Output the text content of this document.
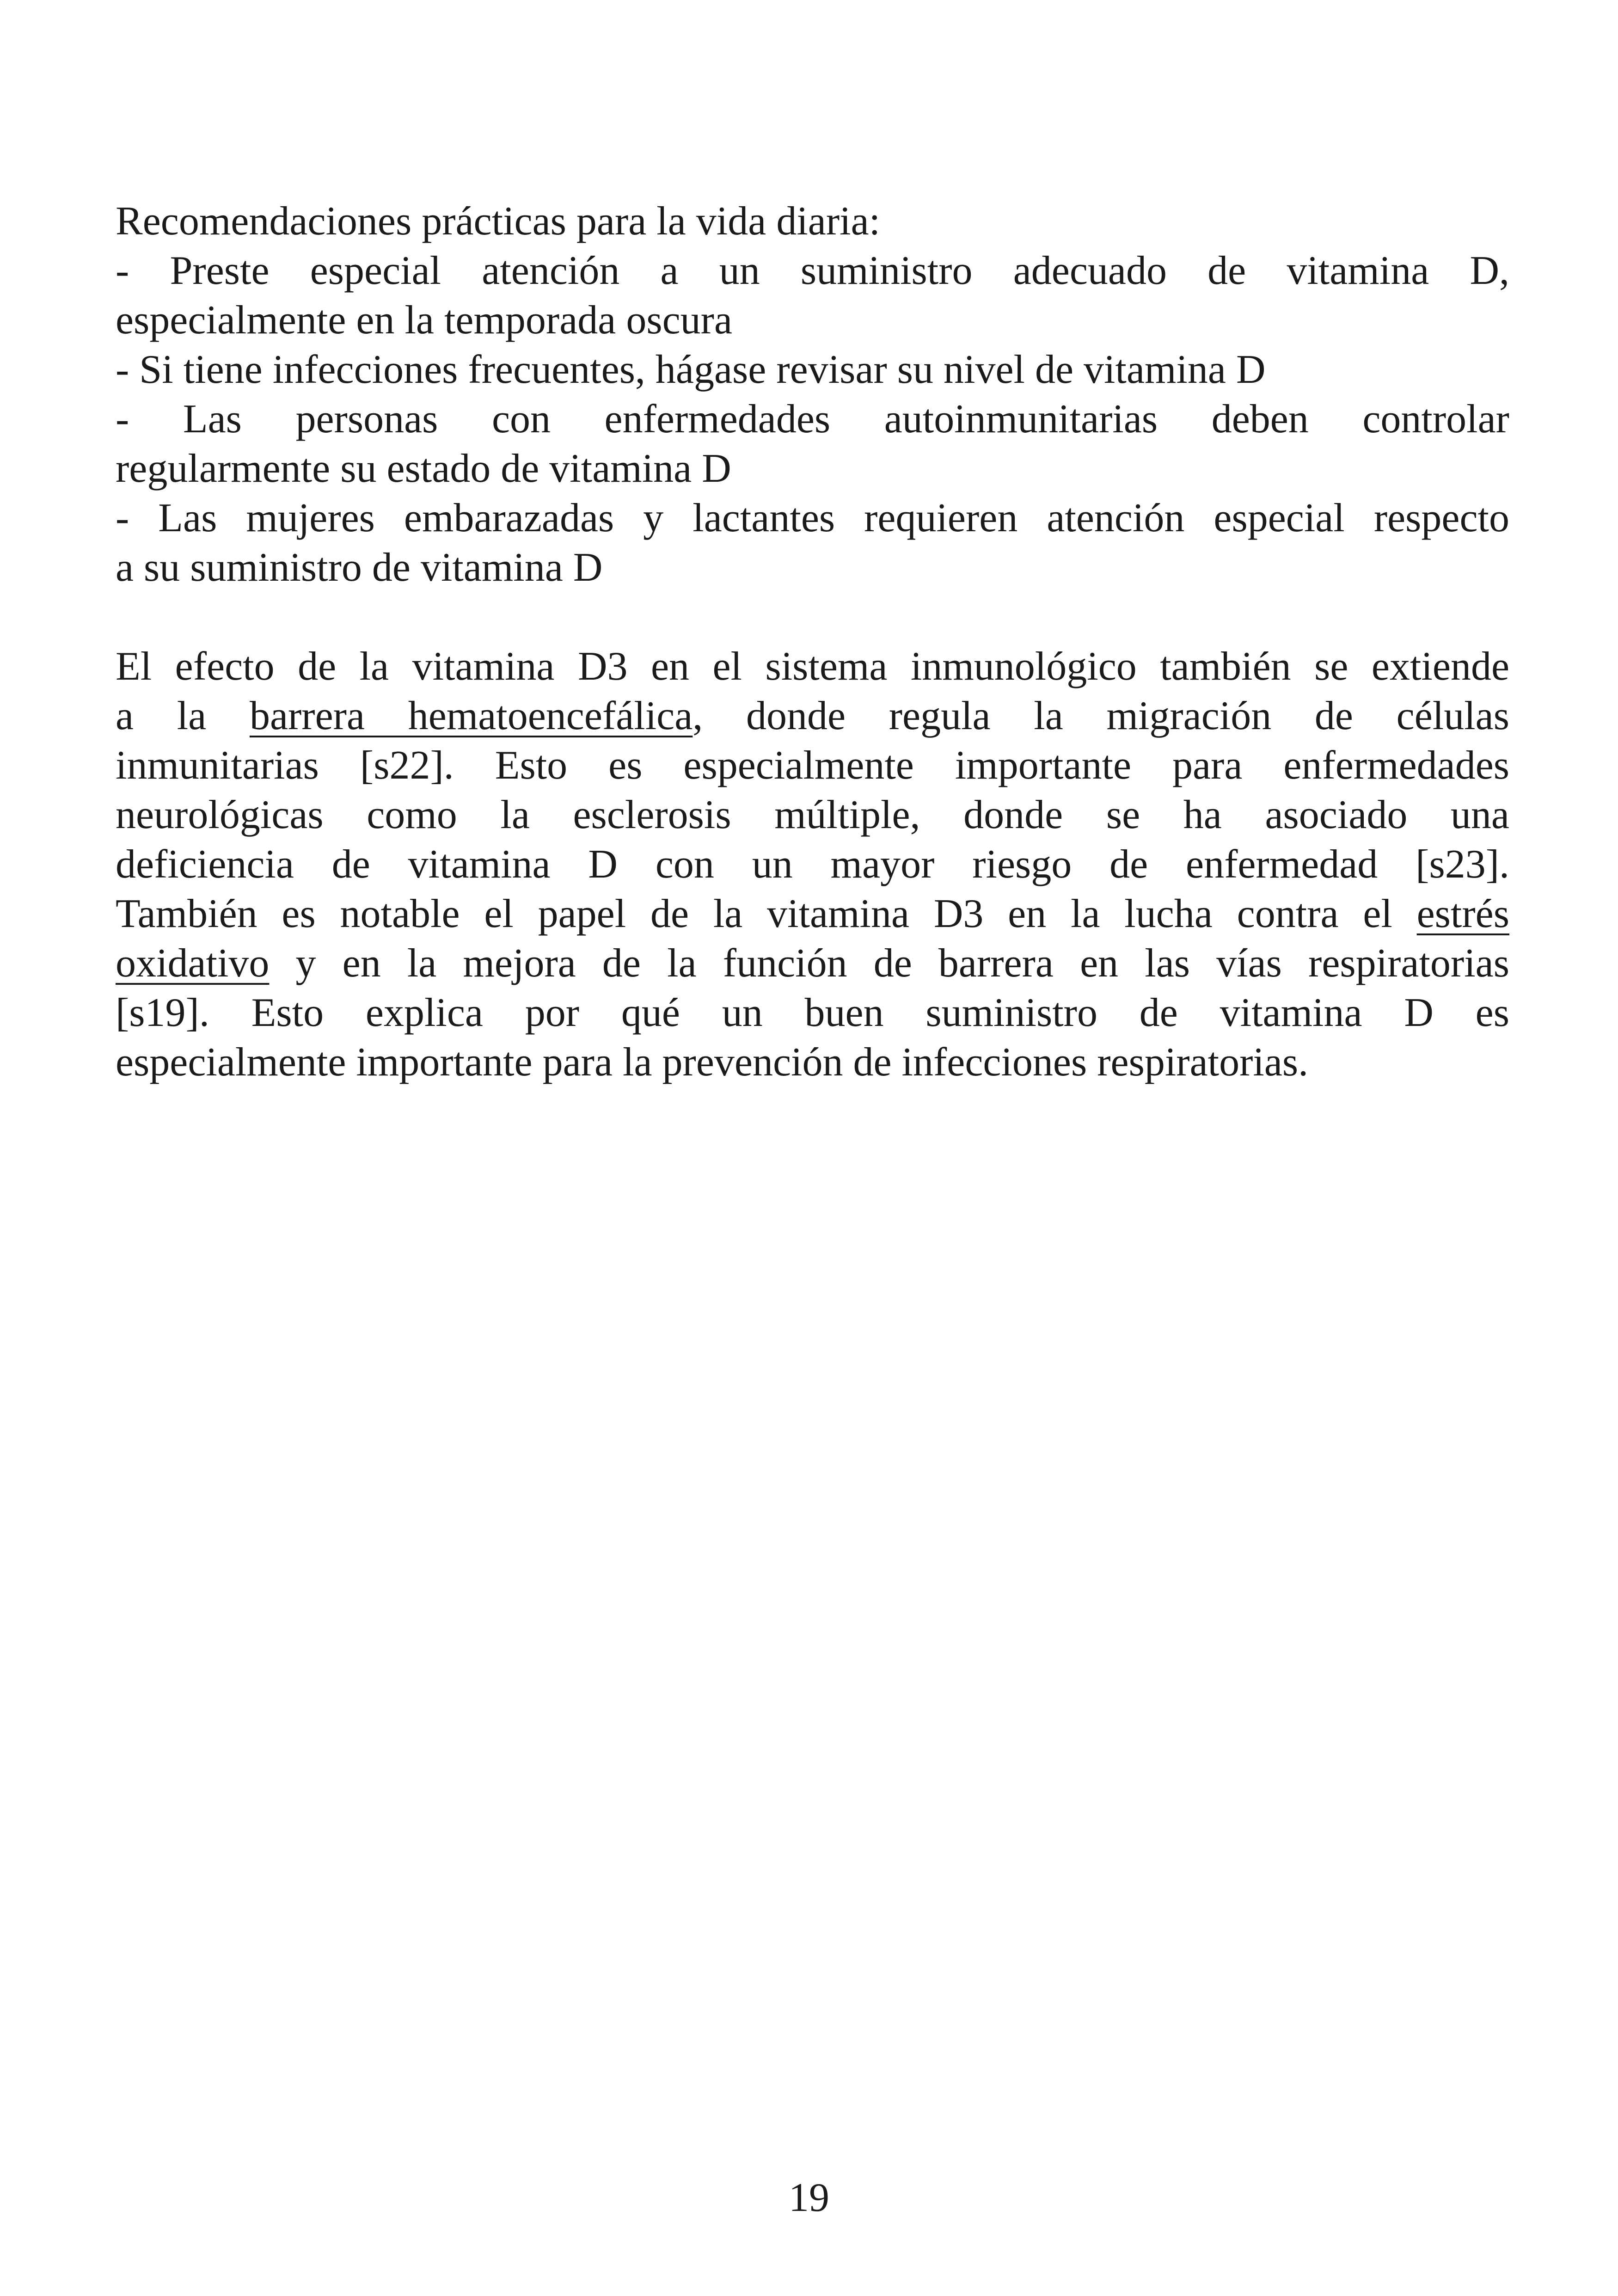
Recomendaciones prácticas para la vida diaria:
- Preste especial atención a un suministro adecuado de vitamina D,
especialmente en la temporada oscura
- Si tiene infecciones frecuentes, hágase revisar su nivel de vitamina D
- Las personas con enfermedades autoinmunitarias deben controlar
regularmente su estado de vitamina D
- Las mujeres embarazadas y lactantes requieren atención especial respecto
a su suministro de vitamina D
El efecto de la vitamina D3 en el sistema inmunológico también se extiende
a la barrera hematoencefálica, donde regula la migración de células
inmunitarias [s22]. Esto es especialmente importante para enfermedades
neurológicas como la esclerosis múltiple, donde se ha asociado una
deficiencia de vitamina D con un mayor riesgo de enfermedad [s23].
También es notable el papel de la vitamina D3 en la lucha contra el estrés
oxidativo y en la mejora de la función de barrera en las vías respiratorias
[s19]. Esto explica por qué un buen suministro de vitamina D es
especialmente importante para la prevención de infecciones respiratorias.
19
